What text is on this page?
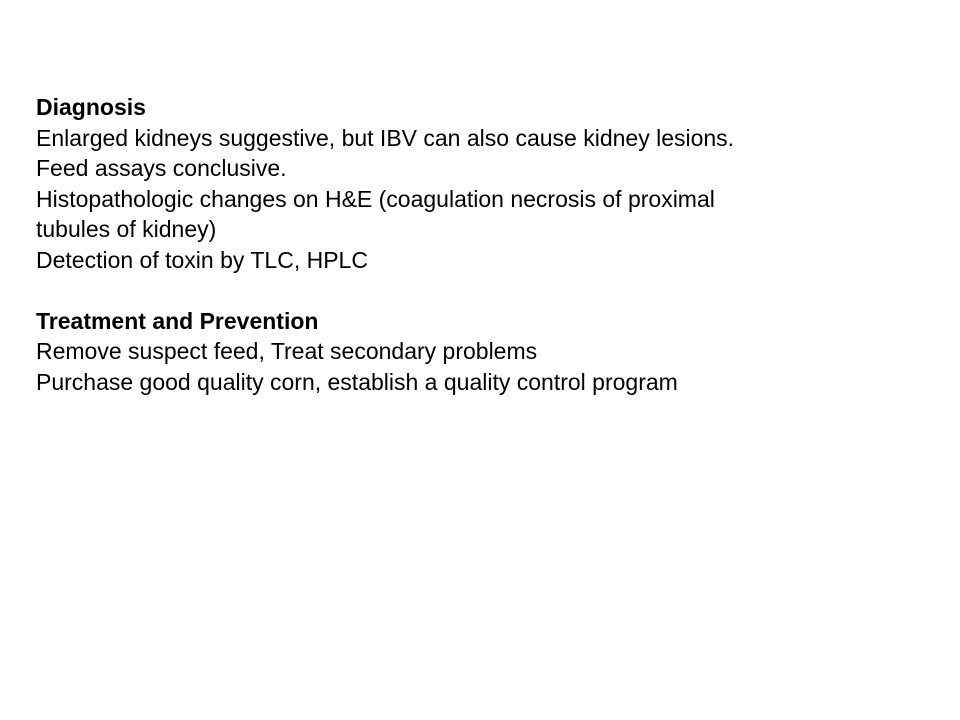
Diagnosis
Enlarged kidneys suggestive, but IBV can also cause kidney lesions.
Feed assays conclusive.
Histopathologic changes on H&E (coagulation necrosis of proximal
tubules of kidney)
Detection of toxin by TLC, HPLC
Treatment and Prevention
Remove suspect feed, Treat secondary problems
Purchase good quality corn, establish a quality control program
